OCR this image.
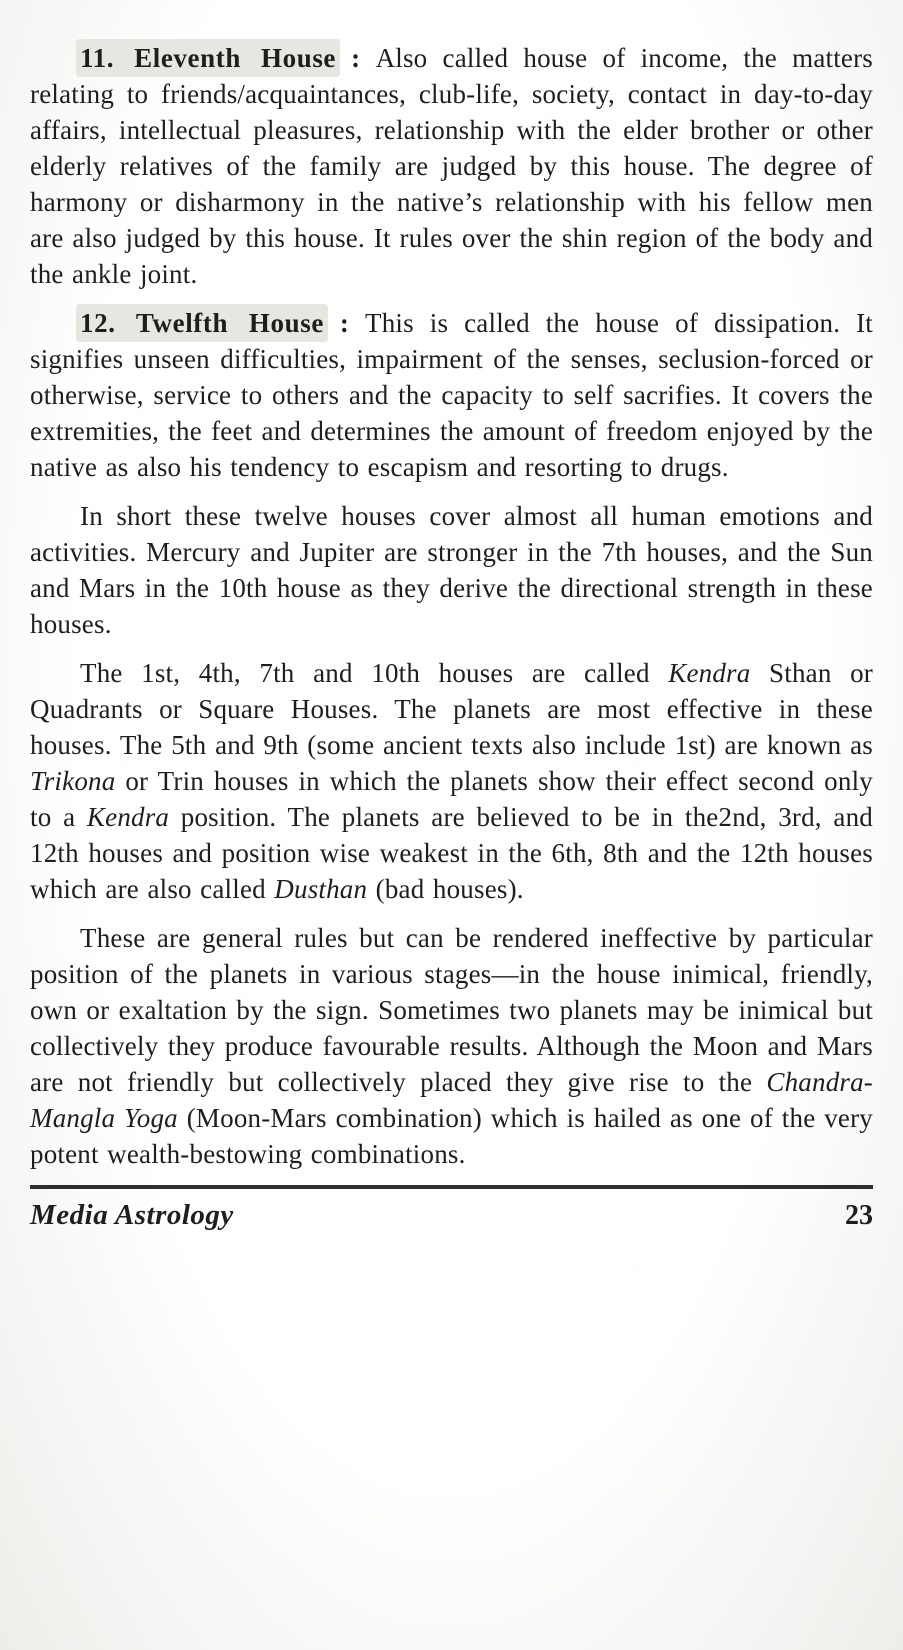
11. Eleventh House : Also called house of income, the matters relating to friends/acquaintances, club-life, society, contact in day-to-day affairs, intellectual pleasures, relationship with the elder brother or other elderly relatives of the family are judged by this house. The degree of harmony or disharmony in the native’s relationship with his fellow men are also judged by this house. It rules over the shin region of the body and the ankle joint.

12. Twelfth House : This is called the house of dissipation. It signifies unseen difficulties, impairment of the senses, seclusion-forced or otherwise, service to others and the capacity to self sacrifies. It covers the extremities, the feet and determines the amount of freedom enjoyed by the native as also his tendency to escapism and resorting to drugs.

In short these twelve houses cover almost all human emotions and activities. Mercury and Jupiter are stronger in the 7th houses, and the Sun and Mars in the 10th house as they derive the directional strength in these houses.

The 1st, 4th, 7th and 10th houses are called Kendra Sthan or Quadrants or Square Houses. The planets are most effective in these houses. The 5th and 9th (some ancient texts also include 1st) are known as Trikona or Trin houses in which the planets show their effect second only to a Kendra position. The planets are believed to be in the2nd, 3rd, and 12th houses and position wise weakest in the 6th, 8th and the 12th houses which are also called Dusthan (bad houses).

These are general rules but can be rendered ineffective by particular position of the planets in various stages—in the house inimical, friendly, own or exaltation by the sign. Sometimes two planets may be inimical but collectively they produce favourable results. Although the Moon and Mars are not friendly but collectively placed they give rise to the Chandra-Mangla Yoga (Moon-Mars combination) which is hailed as one of the very potent wealth-bestowing combinations.

Media Astrology	23
